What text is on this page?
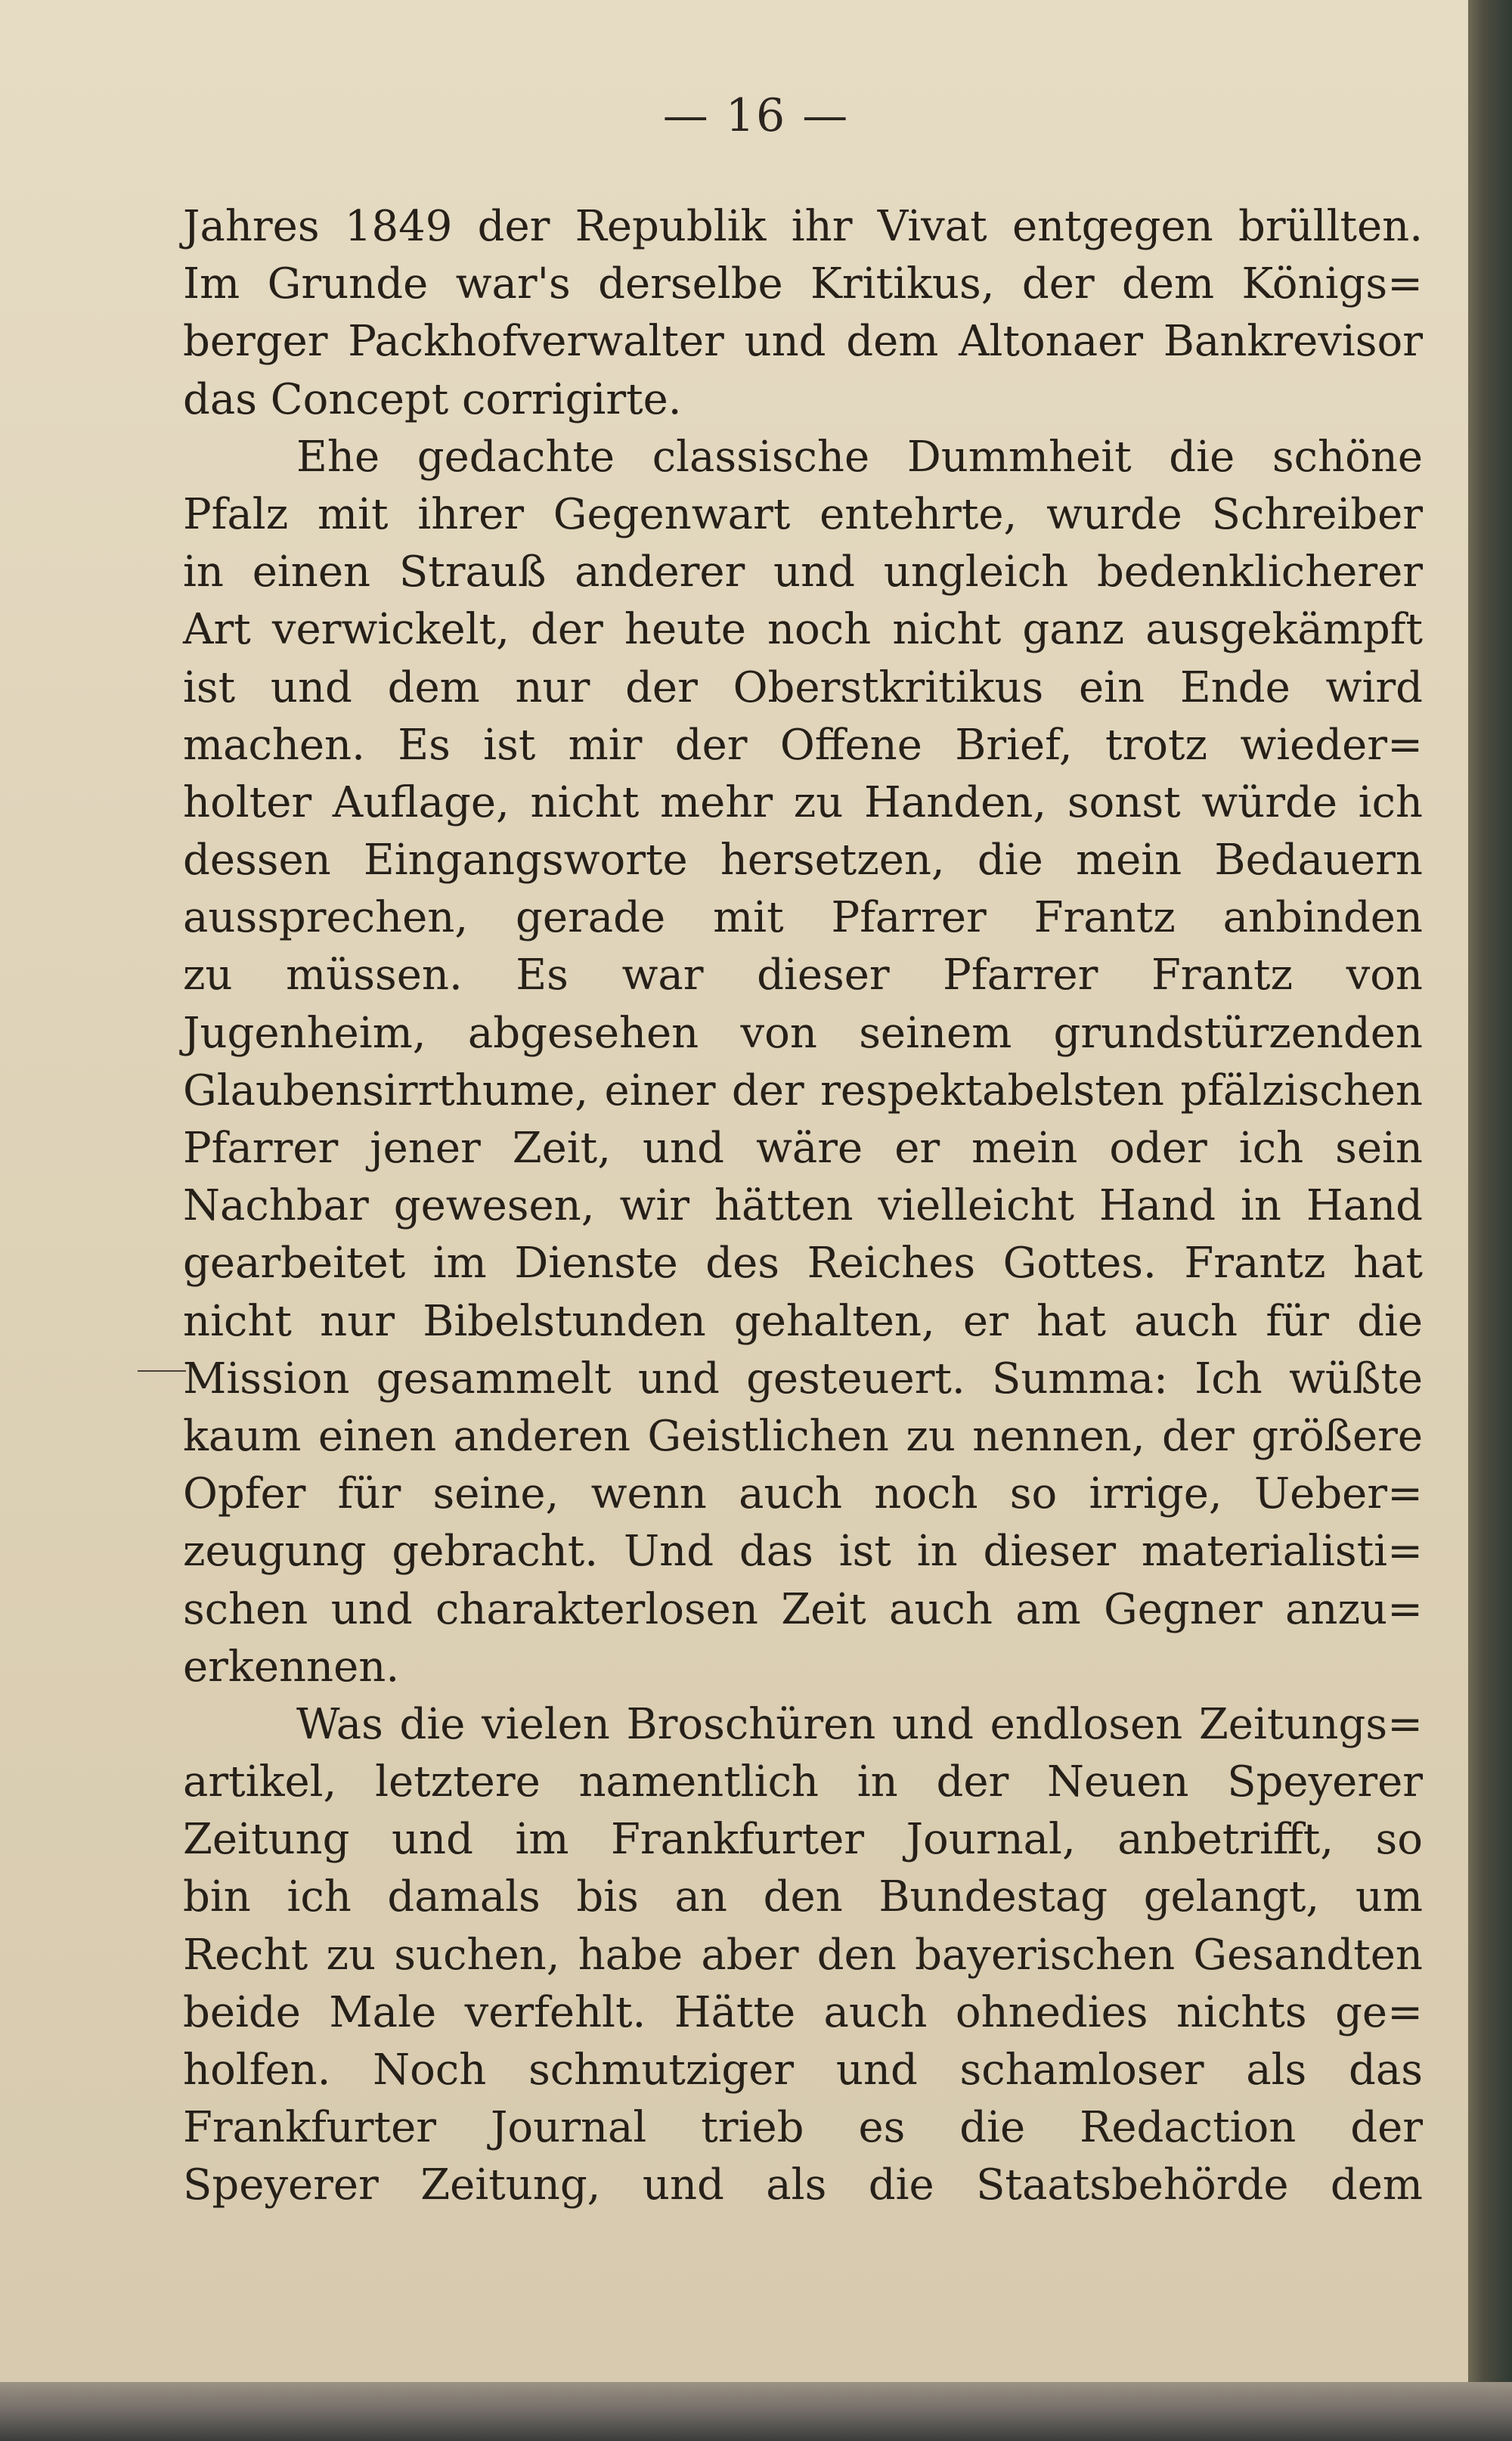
— 16 —
Jahres 1849 der Republik ihr Vivat entgegen brüllten.
Im Grunde war's derselbe Kritikus, der dem Königs=
berger Packhofverwalter und dem Altonaer Bankrevisor
das Concept corrigirte.
Ehe gedachte classische Dummheit die schöne
Pfalz mit ihrer Gegenwart entehrte, wurde Schreiber
in einen Strauß anderer und ungleich bedenklicherer
Art verwickelt, der heute noch nicht ganz ausgekämpft
ist und dem nur der Oberstkritikus ein Ende wird
machen. Es ist mir der Offene Brief, trotz wieder=
holter Auflage, nicht mehr zu Handen, sonst würde ich
dessen Eingangsworte hersetzen, die mein Bedauern
aussprechen, gerade mit Pfarrer Frantz anbinden
zu müssen. Es war dieser Pfarrer Frantz von
Jugenheim, abgesehen von seinem grundstürzenden
Glaubensirrthume, einer der respektabelsten pfälzischen
Pfarrer jener Zeit, und wäre er mein oder ich sein
Nachbar gewesen, wir hätten vielleicht Hand in Hand
gearbeitet im Dienste des Reiches Gottes. Frantz hat
nicht nur Bibelstunden gehalten, er hat auch für die
Mission gesammelt und gesteuert. Summa: Ich wüßte
kaum einen anderen Geistlichen zu nennen, der größere
Opfer für seine, wenn auch noch so irrige, Ueber=
zeugung gebracht. Und das ist in dieser materialisti=
schen und charakterlosen Zeit auch am Gegner anzu=
erkennen.
Was die vielen Broschüren und endlosen Zeitungs=
artikel, letztere namentlich in der Neuen Speyerer
Zeitung und im Frankfurter Journal, anbetrifft, so
bin ich damals bis an den Bundestag gelangt, um
Recht zu suchen, habe aber den bayerischen Gesandten
beide Male verfehlt. Hätte auch ohnedies nichts ge=
holfen. Noch schmutziger und schamloser als das
Frankfurter Journal trieb es die Redaction der
Speyerer Zeitung, und als die Staatsbehörde dem
